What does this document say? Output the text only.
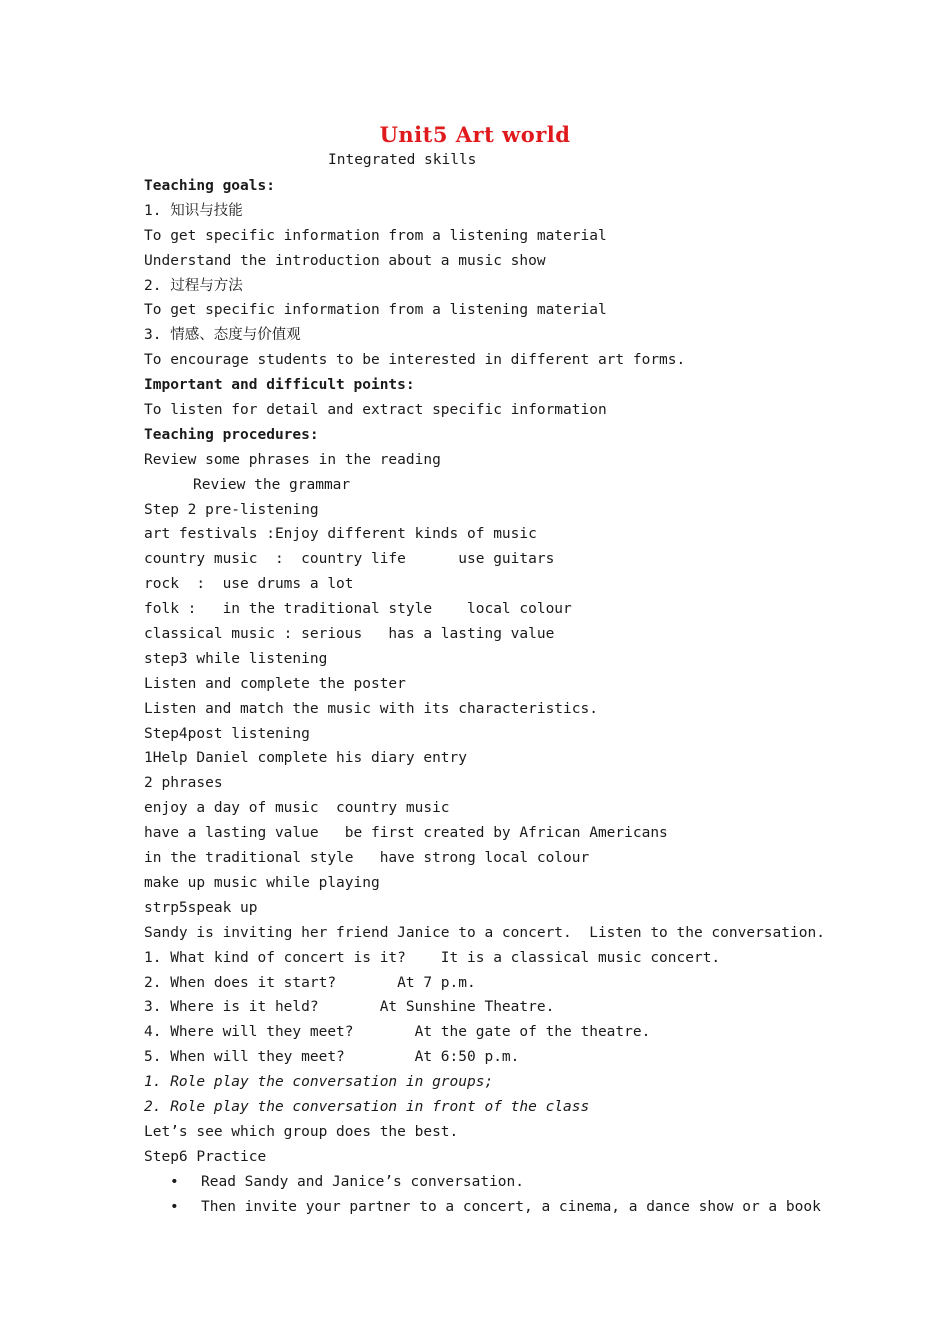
Unit5 Art world
Integrated skills
Teaching goals:
1. 知识与技能
To get specific information from a listening material
Understand the introduction about a music show
2. 过程与方法
To get specific information from a listening material
3. 情感、态度与价值观
To encourage students to be interested in different art forms.
Important and difficult points:
To listen for detail and extract specific information
Teaching procedures:
Review some phrases in the reading
Review the grammar
Step 2 pre-listening
art festivals :Enjoy different kinds of music
country music  :  country life      use guitars
rock  :  use drums a lot
folk :   in the traditional style    local colour
classical music : serious   has a lasting value
step3 while listening
Listen and complete the poster
Listen and match the music with its characteristics.
Step4post listening
1Help Daniel complete his diary entry
2 phrases
enjoy a day of music  country music
have a lasting value   be first created by African Americans
in the traditional style   have strong local colour
make up music while playing
strp5speak up
Sandy is inviting her friend Janice to a concert.  Listen to the conversation.
1. What kind of concert is it?    It is a classical music concert.
2. When does it start?       At 7 p.m.
3. Where is it held?       At Sunshine Theatre.
4. Where will they meet?       At the gate of the theatre.
5. When will they meet?        At 6:50 p.m.
1. Role play the conversation in groups;
2. Role play the conversation in front of the class
Let’s see which group does the best.
Step6 Practice
•	Read Sandy and Janice’s conversation.
•	Then invite your partner to a concert, a cinema, a dance show or a book
